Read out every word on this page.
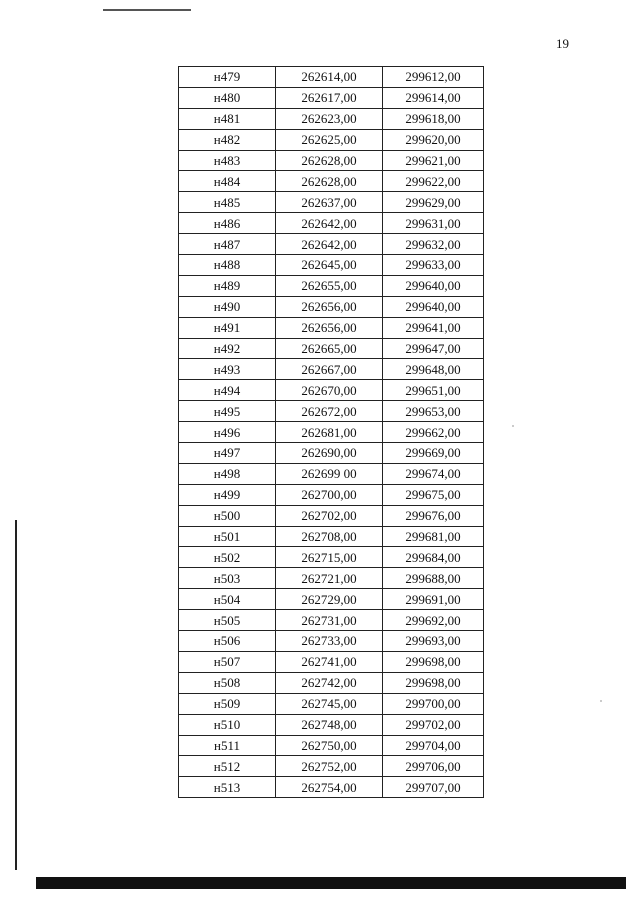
19
н479	262614,00	299612,00
н480	262617,00	299614,00
н481	262623,00	299618,00
н482	262625,00	299620,00
н483	262628,00	299621,00
н484	262628,00	299622,00
н485	262637,00	299629,00
н486	262642,00	299631,00
н487	262642,00	299632,00
н488	262645,00	299633,00
н489	262655,00	299640,00
н490	262656,00	299640,00
н491	262656,00	299641,00
н492	262665,00	299647,00
н493	262667,00	299648,00
н494	262670,00	299651,00
н495	262672,00	299653,00
н496	262681,00	299662,00
н497	262690,00	299669,00
н498	262699 00	299674,00
н499	262700,00	299675,00
н500	262702,00	299676,00
н501	262708,00	299681,00
н502	262715,00	299684,00
н503	262721,00	299688,00
н504	262729,00	299691,00
н505	262731,00	299692,00
н506	262733,00	299693,00
н507	262741,00	299698,00
н508	262742,00	299698,00
н509	262745,00	299700,00
н510	262748,00	299702,00
н511	262750,00	299704,00
н512	262752,00	299706,00
н513	262754,00	299707,00
